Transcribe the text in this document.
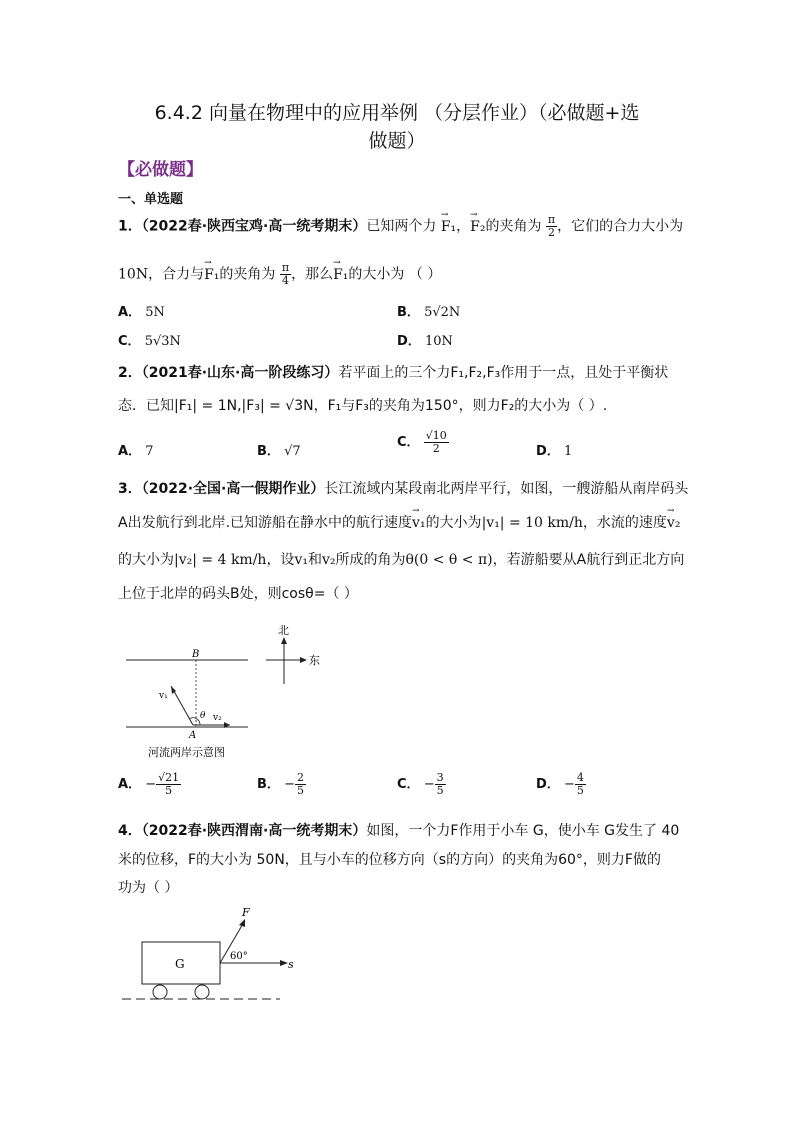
6.4.2 向量在物理中的应用举例 （分层作业）（必做题+选
做题）
【必做题】
一、单选题
1．（2022春·陕西宝鸡·高一统考期末）已知两个力 → F₁，→ F₂的夹角为 $\frac{\pi}{2}$ ，它们的合力大小为
10N，合力与→ F₁的夹角为 $\frac{\pi}{4}$ ，那么→ F₁的大小为 （ ）
A． 5N	B． 5√2N
C． 5√3N	D． 10N
2．（2021春·山东·高一阶段练习）若平面上的三个力F₁,F₂,F₃作用于一点，且处于平衡状
态．已知|F₁| = 1N,|F₃| = √3N，F₁与F₃的夹角为150°，则力F₂的大小为（ ）.
A． 7	B． √7
C． $\frac{√10}{2}$	D． 1
3．（2022·全国·高一假期作业）长江流域内某段南北两岸平行，如图，一艘游船从南岸码头
A出发航行到北岸.已知游船在静水中的航行速度→ v₁的大小为|v₁| = 10 km/h，水流的速度→ v₂
的大小为|v₂| = 4 km/h，设v₁和v₂所成的角为θ(0 < θ < π)，若游船要从A航行到正北方向
上位于北岸的码头B处，则cosθ=（ ）
B
A
v₁
v₂
θ
北
东
河流两岸示意图
A． − $\frac{√21}{5}$	B． − $\frac{2}{5}$	C． − $\frac{3}{5}$	D． − $\frac{4}{5}$
4．（2022春·陕西渭南·高一统考期末）如图，一个力F作用于小车 G，使小车 G发生了 40
米的位移，F的大小为 50N，且与小车的位移方向（s的方向）的夹角为60°，则力F做的
功为（ ）
G
F
s
60°
